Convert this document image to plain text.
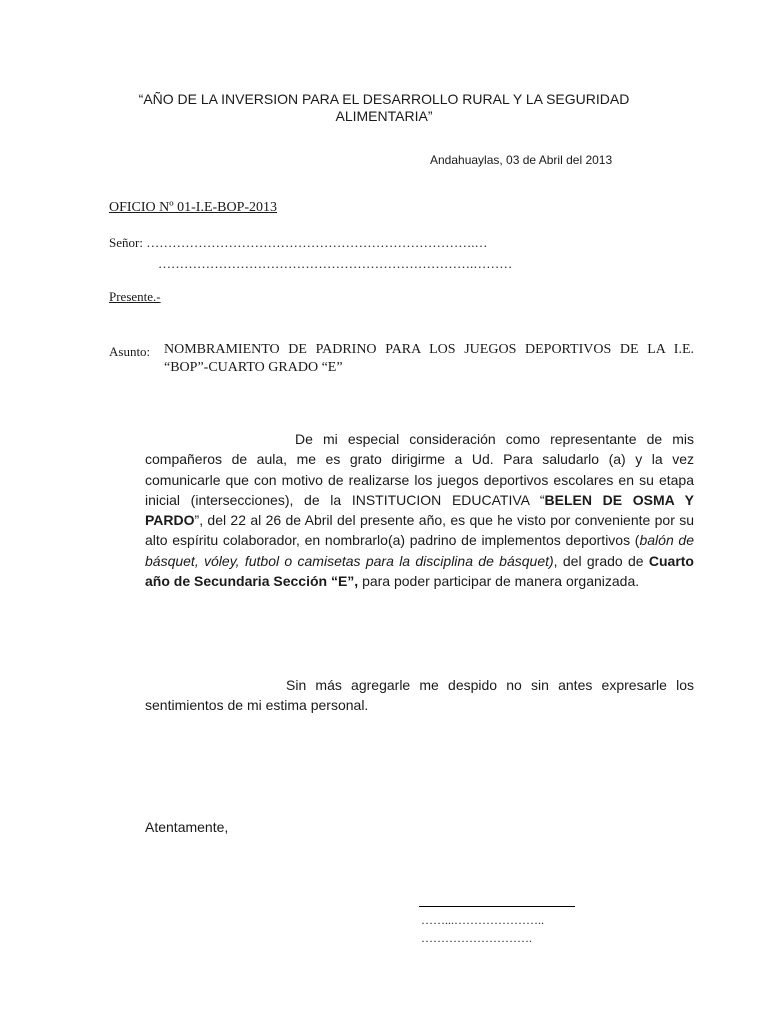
“AÑO DE LA INVERSION PARA EL DESARROLLO RURAL Y LA SEGURIDAD ALIMENTARIA”
Andahuaylas, 03 de Abril del 2013
OFICIO Nº 01-I.E-BOP-2013
Señor: ………………………………………………………………….…
……………………………………………………………….………
Presente.-
Asunto: NOMBRAMIENTO DE PADRINO PARA LOS JUEGOS DEPORTIVOS DE LA I.E. “BOP”-CUARTO GRADO “E”
De mi especial consideración como representante de mis compañeros de aula, me es grato dirigirme a Ud. Para saludarlo (a) y la vez comunicarle que con motivo de realizarse los juegos deportivos escolares en su etapa inicial (intersecciones), de la INSTITUCION EDUCATIVA “BELEN DE OSMA Y PARDO”, del 22 al 26 de Abril del presente año, es que he visto por conveniente por su alto espíritu colaborador, en nombrarlo(a) padrino de implementos deportivos (balón de básquet, vóley, futbol o camisetas para la disciplina de básquet), del grado de Cuarto año de Secundaria Sección “E”, para poder participar de manera organizada.
Sin más agregarle me despido no sin antes expresarle los sentimientos de mi estima personal.
Atentamente,
……...…………………..
……………………….
